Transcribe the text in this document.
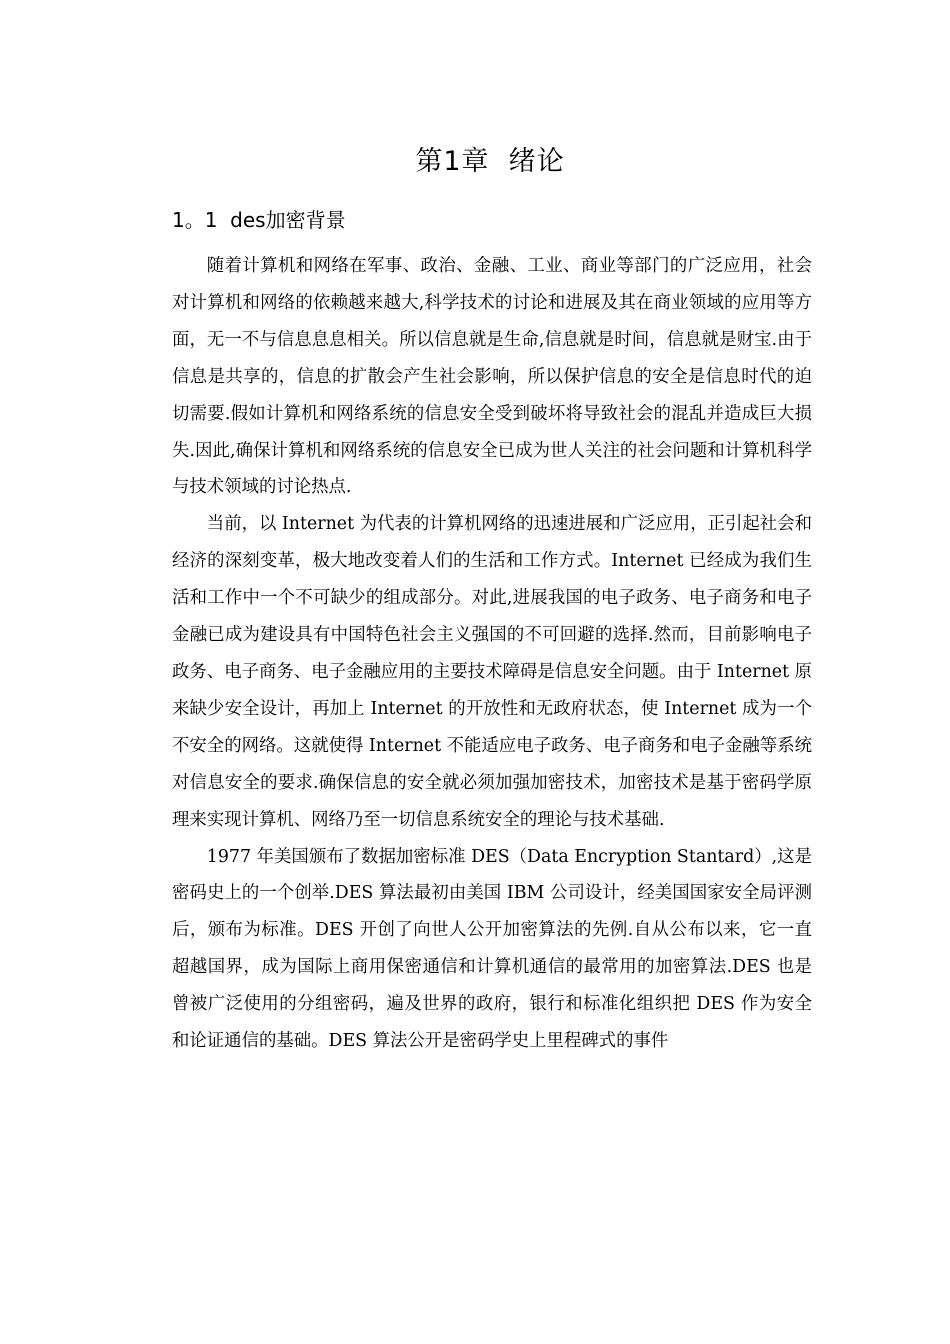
第1章  绪论
1。1  des加密背景

随着计算机和网络在军事、政治、金融、工业、商业等部门的广泛应用，社会对计算机和网络的依赖越来越大,科学技术的讨论和进展及其在商业领域的应用等方面，无一不与信息息息相关。所以信息就是生命,信息就是时间，信息就是财宝.由于信息是共享的，信息的扩散会产生社会影响，所以保护信息的安全是信息时代的迫切需要.假如计算机和网络系统的信息安全受到破坏将导致社会的混乱并造成巨大损失.因此,确保计算机和网络系统的信息安全已成为世人关注的社会问题和计算机科学与技术领域的讨论热点.

当前，以 Internet 为代表的计算机网络的迅速进展和广泛应用，正引起社会和经济的深刻变革，极大地改变着人们的生活和工作方式。Internet 已经成为我们生活和工作中一个不可缺少的组成部分。对此,进展我国的电子政务、电子商务和电子金融已成为建设具有中国特色社会主义强国的不可回避的选择.然而，目前影响电子政务、电子商务、电子金融应用的主要技术障碍是信息安全问题。由于 Internet 原来缺少安全设计，再加上 Internet 的开放性和无政府状态，使 Internet 成为一个不安全的网络。这就使得 Internet 不能适应电子政务、电子商务和电子金融等系统对信息安全的要求.确保信息的安全就必须加强加密技术，加密技术是基于密码学原理来实现计算机、网络乃至一切信息系统安全的理论与技术基础.

1977 年美国颁布了数据加密标准 DES（Data Encryption Stantard）,这是密码史上的一个创举.DES 算法最初由美国 IBM 公司设计，经美国国家安全局评测后，颁布为标准。DES 开创了向世人公开加密算法的先例.自从公布以来，它一直超越国界，成为国际上商用保密通信和计算机通信的最常用的加密算法.DES 也是曾被广泛使用的分组密码，遍及世界的政府，银行和标准化组织把 DES 作为安全和论证通信的基础。DES 算法公开是密码学史上里程碑式的事件
